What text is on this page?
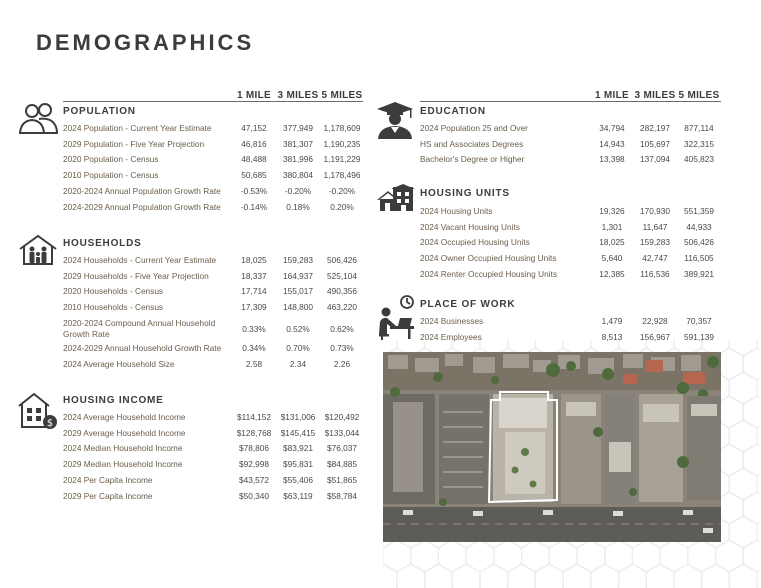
DEMOGRAPHICS
1 MILE 3 MILES 5 MILES	1 MILE 3 MILES 5 MILES
$
POPULATION
2024 Population - Current Year Estimate	47,152	377,949	1,178,609
2029 Population - Five Year Projection	46,816	381,307	1,190,235
2020 Population - Census	48,488	381,996	1,191,229
2010 Population - Census	50,685	380,804	1,178,496
2020-2024 Annual Population Growth Rate	-0.53%	-0.20%	-0.20%
2024-2029 Annual Population Growth Rate	-0.14%	0.18%	0.20%
HOUSEHOLDS
2024 Households - Current Year Estimate	18,025	159,283	506,426
2029 Households - Five Year Projection	18,337	164,937	525,104
2020 Households - Census	17,714	155,017	490,356
2010 Households - Census	17,309	148,800	463,220
2020-2024 Compound Annual Household Growth Rate	0.33%	0.52%	0.62%
2024-2029 Annual Household Growth Rate	0.34%	0.70%	0.73%
2024 Average Household Size	2.58	2.34	2.26
HOUSING INCOME
2024 Average Household Income	$114,152	$131,006	$120,492
2029 Average Household Income	$128,768	$145,415	$133,044
2024 Median Household Income	$78,806	$83,921	$76,037
2029 Median Household Income	$92,998	$95,831	$84,885
2024 Per Capita Income	$43,572	$55,406	$51,865
2029 Per Capita Income	$50,340	$63,119	$58,784
EDUCATION
2024 Population 25 and Over	34,794	282,197	877,114
HS and Associates Degrees	14,943	105,697	322,315
Bachelor's Degree or Higher	13,398	137,094	405,823
HOUSING UNITS
2024 Housing Units	19,326	170,930	551,359
2024 Vacant Housing Units	1,301	11,647	44,933
2024 Occupied Housing Units	18,025	159,283	506,426
2024 Owner Occupied Housing Units	5,640	42,747	116,505
2024 Renter Occupied Housing Units	12,385	116,536	389,921
PLACE OF WORK
2024 Businesses	1,479	22,928	70,357
2024 Employees	8,513	156,967	591,139
